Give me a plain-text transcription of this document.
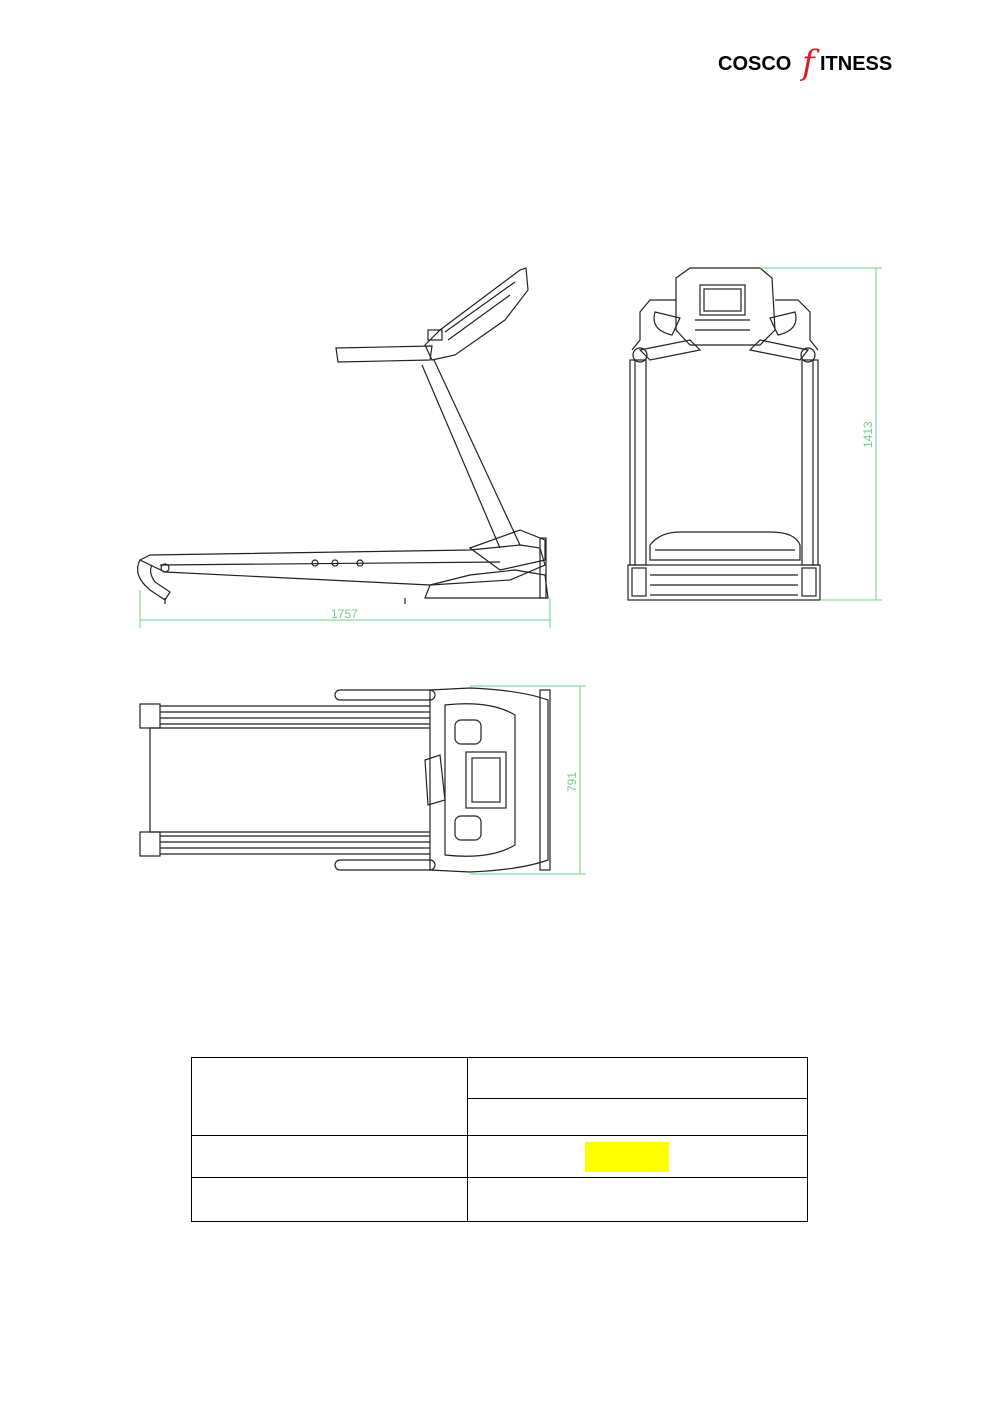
COSCO f ITNESS
1757
1413
791
